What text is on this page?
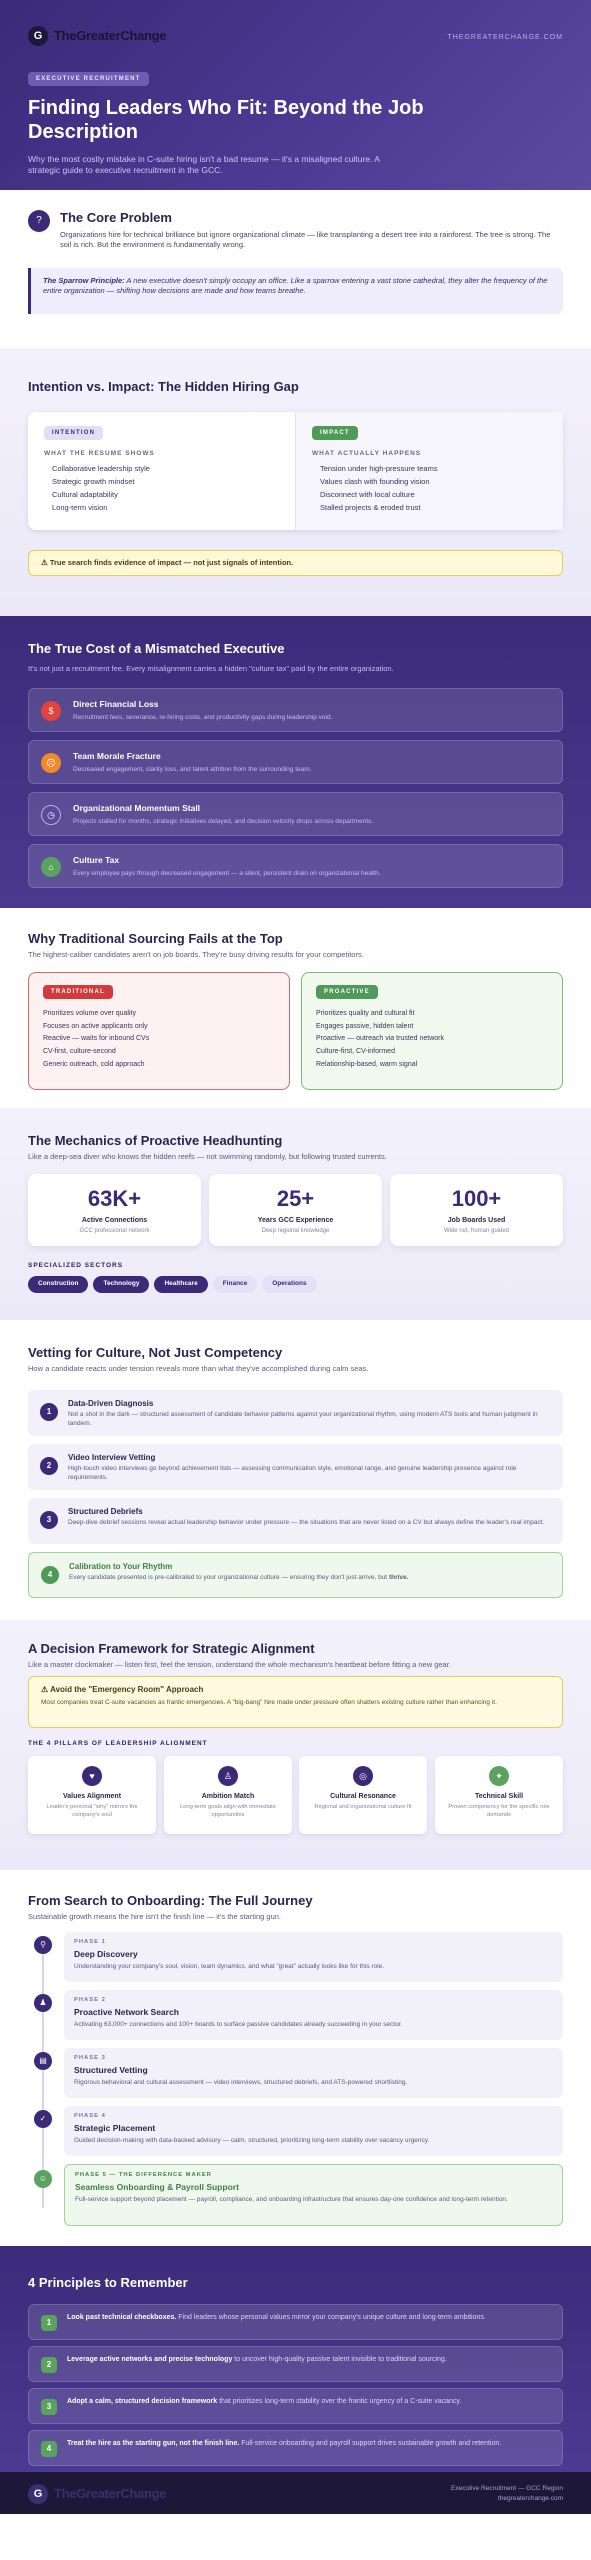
G TheGreaterChange	THEGREATERCHANGE.COM
EXECUTIVE RECRUITMENT
Finding Leaders Who Fit: Beyond the Job Description
Why the most costly mistake in C-suite hiring isn't a bad resume — it's a misaligned culture. A strategic guide to executive recruitment in the GCC.
?	The Core Problem
Organizations hire for technical brilliance but ignore organizational climate — like transplanting a desert tree into a rainforest. The tree is strong. The soil is rich. But the environment is fundamentally wrong.
The Sparrow Principle: A new executive doesn't simply occupy an office. Like a sparrow entering a vast stone cathedral, they alter the frequency of the entire organization — shifting how decisions are made and how teams breathe.
Intention vs. Impact: The Hidden Hiring Gap
INTENTION
WHAT THE RESUME SHOWS
Collaborative leadership style
Strategic growth mindset
Cultural adaptability
Long-term vision
IMPACT
WHAT ACTUALLY HAPPENS
Tension under high-pressure teams
Values clash with founding vision
Disconnect with local culture
Stalled projects & eroded trust
⚠ True search finds evidence of impact — not just signals of intention.
The True Cost of a Mismatched Executive
It's not just a recruitment fee. Every misalignment carries a hidden "culture tax" paid by the entire organization.
$
Direct Financial Loss
Recruitment fees, severance, re-hiring costs, and productivity gaps during leadership void.
☹
Team Morale Fracture
Decreased engagement, clarity loss, and talent attrition from the surrounding team.
◷
Organizational Momentum Stall
Projects stalled for months, strategic initiatives delayed, and decision velocity drops across departments.
⌂
Culture Tax
Every employee pays through decreased engagement — a silent, persistent drain on organizational health.
Why Traditional Sourcing Fails at the Top
The highest-caliber candidates aren't on job boards. They're busy driving results for your competitors.
TRADITIONAL
Prioritizes volume over quality
Focuses on active applicants only
Reactive — waits for inbound CVs
CV-first, culture-second
Generic outreach, cold approach
PROACTIVE
Prioritizes quality and cultural fit
Engages passive, hidden talent
Proactive — outreach via trusted network
Culture-first, CV-informed
Relationship-based, warm signal
The Mechanics of Proactive Headhunting
Like a deep-sea diver who knows the hidden reefs — not swimming randomly, but following trusted currents.
63K+
Active Connections
GCC professional network
25+
Years GCC Experience
Deep regional knowledge
100+
Job Boards Used
Wide net, human guided
SPECIALIZED SECTORS
Construction	Technology	Healthcare	Finance	Operations
Vetting for Culture, Not Just Competency
How a candidate reacts under tension reveals more than what they've accomplished during calm seas.
1
Data-Driven Diagnosis
Not a shot in the dark — structured assessment of candidate behavior patterns against your organizational rhythm, using modern ATS tools and human judgment in tandem.
2
Video Interview Vetting
High-touch video interviews go beyond achievement lists — assessing communication style, emotional range, and genuine leadership presence against role requirements.
3
Structured Debriefs
Deep-dive debrief sessions reveal actual leadership behavior under pressure — the situations that are never listed on a CV but always define the leader's real impact.
4
Calibration to Your Rhythm
Every candidate presented is pre-calibrated to your organizational culture — ensuring they don't just arrive, but thrive.
A Decision Framework for Strategic Alignment
Like a master clockmaker — listen first, feel the tension, understand the whole mechanism's heartbeat before fitting a new gear.
⚠ Avoid the "Emergency Room" Approach
Most companies treat C-suite vacancies as frantic emergencies. A "big-bang" hire made under pressure often shatters existing culture rather than enhancing it.
THE 4 PILLARS OF LEADERSHIP ALIGNMENT
♥
Values Alignment
Leader's personal "why" mirrors the company's soul
♙
Ambition Match
Long-term goals align with immediate opportunities
◎
Cultural Resonance
Regional and organizational culture fit
✦
Technical Skill
Proven competency for the specific role demands
From Search to Onboarding: The Full Journey
Sustainable growth means the hire isn't the finish line — it's the starting gun.
⚲	PHASE 1
Deep Discovery
Understanding your company's soul, vision, team dynamics, and what "great" actually looks like for this role.
♟	PHASE 2
Proactive Network Search
Activating 63,000+ connections and 100+ boards to surface passive candidates already succeeding in your sector.
▤	PHASE 3
Structured Vetting
Rigorous behavioral and cultural assessment — video interviews, structured debriefs, and ATS-powered shortlisting.
✓	PHASE 4
Strategic Placement
Guided decision-making with data-backed advisory — calm, structured, prioritizing long-term stability over vacancy urgency.
☺	PHASE 5 — THE DIFFERENCE MAKER
Seamless Onboarding & Payroll Support
Full-service support beyond placement — payroll, compliance, and onboarding infrastructure that ensures day-one confidence and long-term retention.
4 Principles to Remember
1
Look past technical checkboxes. Find leaders whose personal values mirror your company's unique culture and long-term ambitions.
2
Leverage active networks and precise technology to uncover high-quality passive talent invisible to traditional sourcing.
3
Adopt a calm, structured decision framework that prioritizes long-term stability over the frantic urgency of a C-suite vacancy.
4
Treat the hire as the starting gun, not the finish line. Full-service onboarding and payroll support drives sustainable growth and retention.
G TheGreaterChange	Executive Recruitment — GCC Region
thegreaterchange.com
